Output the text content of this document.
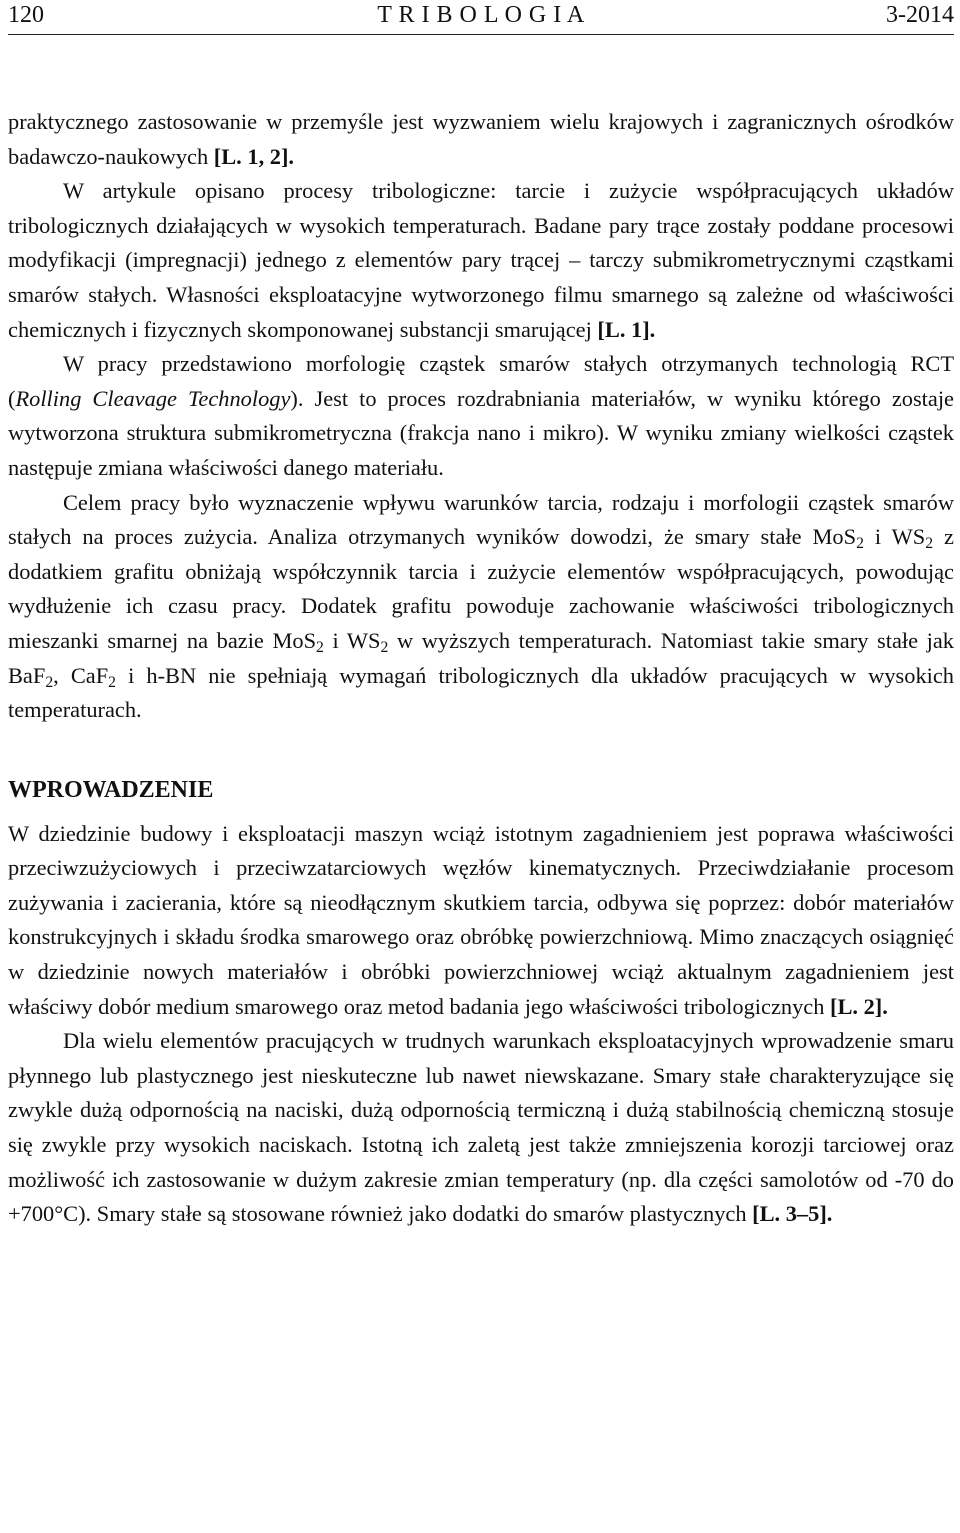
120	T R I B O L O G I A	3-2014

praktycznego zastosowanie w przemyśle jest wyzwaniem wielu krajowych i zagranicznych ośrodków badawczo-naukowych [L. 1, 2].

W artykule opisano procesy tribologiczne: tarcie i zużycie współpracujących układów tribologicznych działających w wysokich temperaturach. Badane pary trące zostały poddane procesowi modyfikacji (impregnacji) jednego z elementów pary trącej – tarczy submikrometrycznymi cząstkami smarów stałych. Własności eksploatacyjne wytworzonego filmu smarnego są zależne od właściwości chemicznych i fizycznych skomponowanej substancji smarującej [L. 1].

W pracy przedstawiono morfologię cząstek smarów stałych otrzymanych technologią RCT (Rolling Cleavage Technology). Jest to proces rozdrabniania materiałów, w wyniku którego zostaje wytworzona struktura submikrometryczna (frakcja nano i mikro). W wyniku zmiany wielkości cząstek następuje zmiana właściwości danego materiału.

Celem pracy było wyznaczenie wpływu warunków tarcia, rodzaju i morfologii cząstek smarów stałych na proces zużycia. Analiza otrzymanych wyników dowodzi, że smary stałe MoS$_2$ i $WS_2$ z dodatkiem grafitu obniżają współczynnik tarcia i zużycie elementów współpracujących, powodując wydłużenie ich czasu pracy. Dodatek grafitu powoduje zachowanie właściwości tribologicznych mieszanki smarnej na bazie MoS$_2$ i $WS_2$ w wyższych temperaturach. Natomiast takie smary stałe jak BaF$_2$, CaF$_2$ i h-BN nie spełniają wymagań tribologicznych dla układów pracujących w wysokich temperaturach.

WPROWADZENIE

W dziedzinie budowy i eksploatacji maszyn wciąż istotnym zagadnieniem jest poprawa właściwości przeciwzużyciowych i przeciwzatarciowych węzłów kinematycznych. Przeciwdziałanie procesom zużywania i zacierania, które są nieodłącznym skutkiem tarcia, odbywa się poprzez: dobór materiałów konstrukcyjnych i składu środka smarowego oraz obróbkę powierzchniową. Mimo znaczących osiągnięć w dziedzinie nowych materiałów i obróbki powierzchniowej wciąż aktualnym zagadnieniem jest właściwy dobór medium smarowego oraz metod badania jego właściwości tribologicznych [L. 2].

Dla wielu elementów pracujących w trudnych warunkach eksploatacyjnych wprowadzenie smaru płynnego lub plastycznego jest nieskuteczne lub nawet niewskazane. Smary stałe charakteryzujące się zwykle dużą odpornością na naciski, dużą odpornością termiczną i dużą stabilnością chemiczną stosuje się zwykle przy wysokich naciskach. Istotną ich zaletą jest także zmniejszenia korozji tarciowej oraz możliwość ich zastosowanie w dużym zakresie zmian temperatury (np. dla części samolotów od -70 do +700°C). Smary stałe są stosowane również jako dodatki do smarów plastycznych [L. 3–5].
